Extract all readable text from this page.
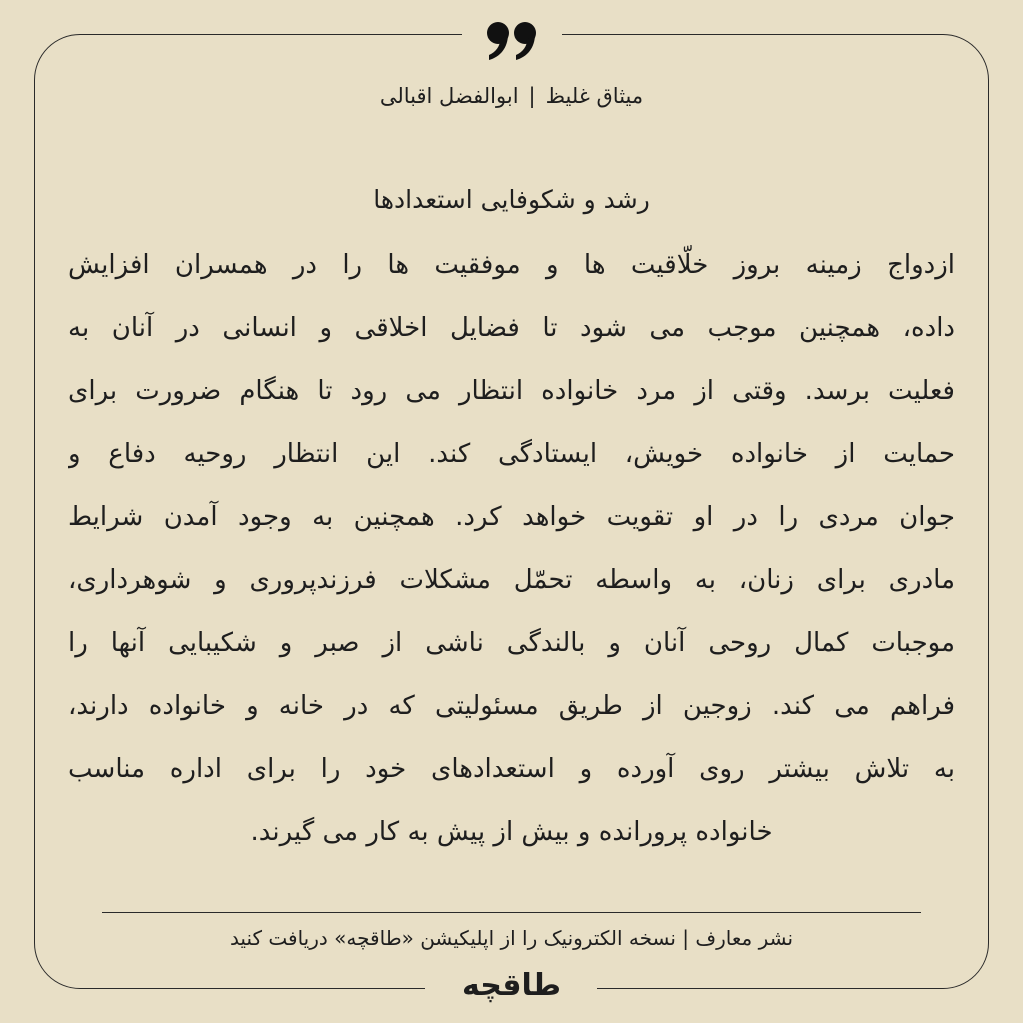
میثاق غلیظ|ابوالفضل اقبالی
رشد و شکوفایی استعدادها
ازدواج زمینه بروز خلّاقیت ها و موفقیت ها را در همسران افزایش
داده، همچنین موجب می شود تا فضایل اخلاقی و انسانی در آنان به
فعلیت برسد. وقتی از مرد خانواده انتظار می رود تا هنگام ضرورت برای
حمایت از خانواده خویش، ایستادگی کند. این انتظار روحیه دفاع و
جوان مردی را در او تقویت خواهد کرد. همچنین به وجود آمدن شرایط
مادری برای زنان، به واسطه تحمّل مشکلات فرزندپروری و شوهرداری،
موجبات کمال روحی آنان و بالندگی ناشی از صبر و شکیبایی آنها را
فراهم می کند. زوجین از طریق مسئولیتی که در خانه و خانواده دارند،
به تلاش بیشتر روی آورده و استعدادهای خود را برای اداره مناسب
خانواده پرورانده و بیش از پیش به کار می گیرند.
نشر معارف | نسخه الکترونیک را از اپلیکیشن «طاقچه» دریافت کنید
طاقچه
